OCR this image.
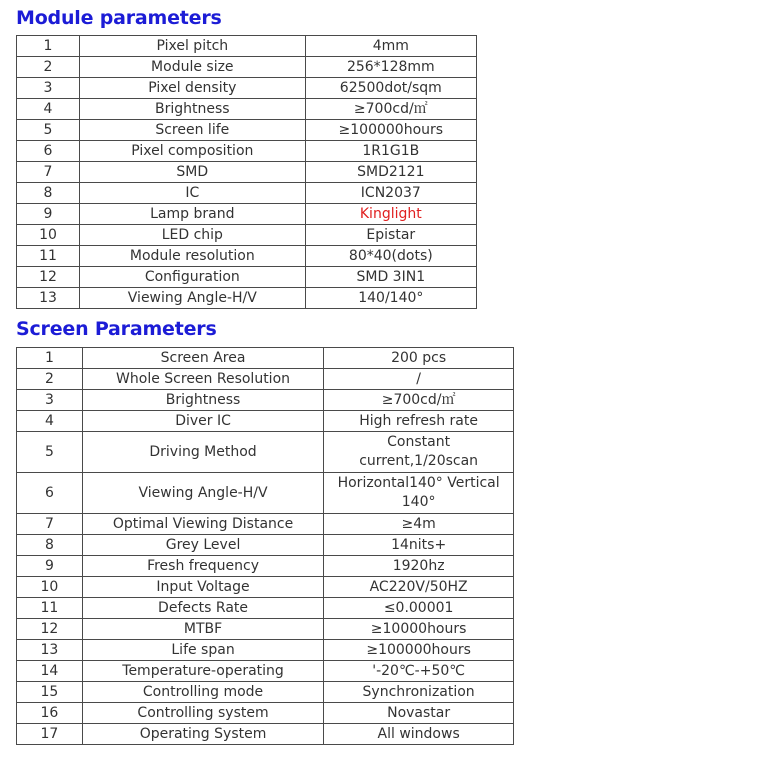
Module parameters
1	Pixel pitch	4mm
2	Module size	256*128mm
3	Pixel density	62500dot/sqm
4	Brightness	≥700cd/㎡
5	Screen life	≥100000hours
6	Pixel composition	1R1G1B
7	SMD	SMD2121
8	IC	ICN2037
9	Lamp brand	Kinglight
10	LED chip	Epistar
11	Module resolution	80*40(dots)
12	Configuration	SMD 3IN1
13	Viewing Angle-H/V	140/140°
Screen Parameters
1	Screen Area	200 pcs
2	Whole Screen Resolution	/
3	Brightness	≥700cd/㎡
4	Diver IC	High refresh rate
5	Driving Method	Constant current,1/20scan
6	Viewing Angle-H/V	Horizontal140° Vertical 140°
7	Optimal Viewing Distance	≥4m
8	Grey Level	14nits+
9	Fresh frequency	1920hz
10	Input Voltage	AC220V/50HZ
11	Defects Rate	≤0.00001
12	MTBF	≥10000hours
13	Life span	≥100000hours
14	Temperature-operating	'-20℃-+50℃
15	Controlling mode	Synchronization
16	Controlling system	Novastar
17	Operating System	All windows
